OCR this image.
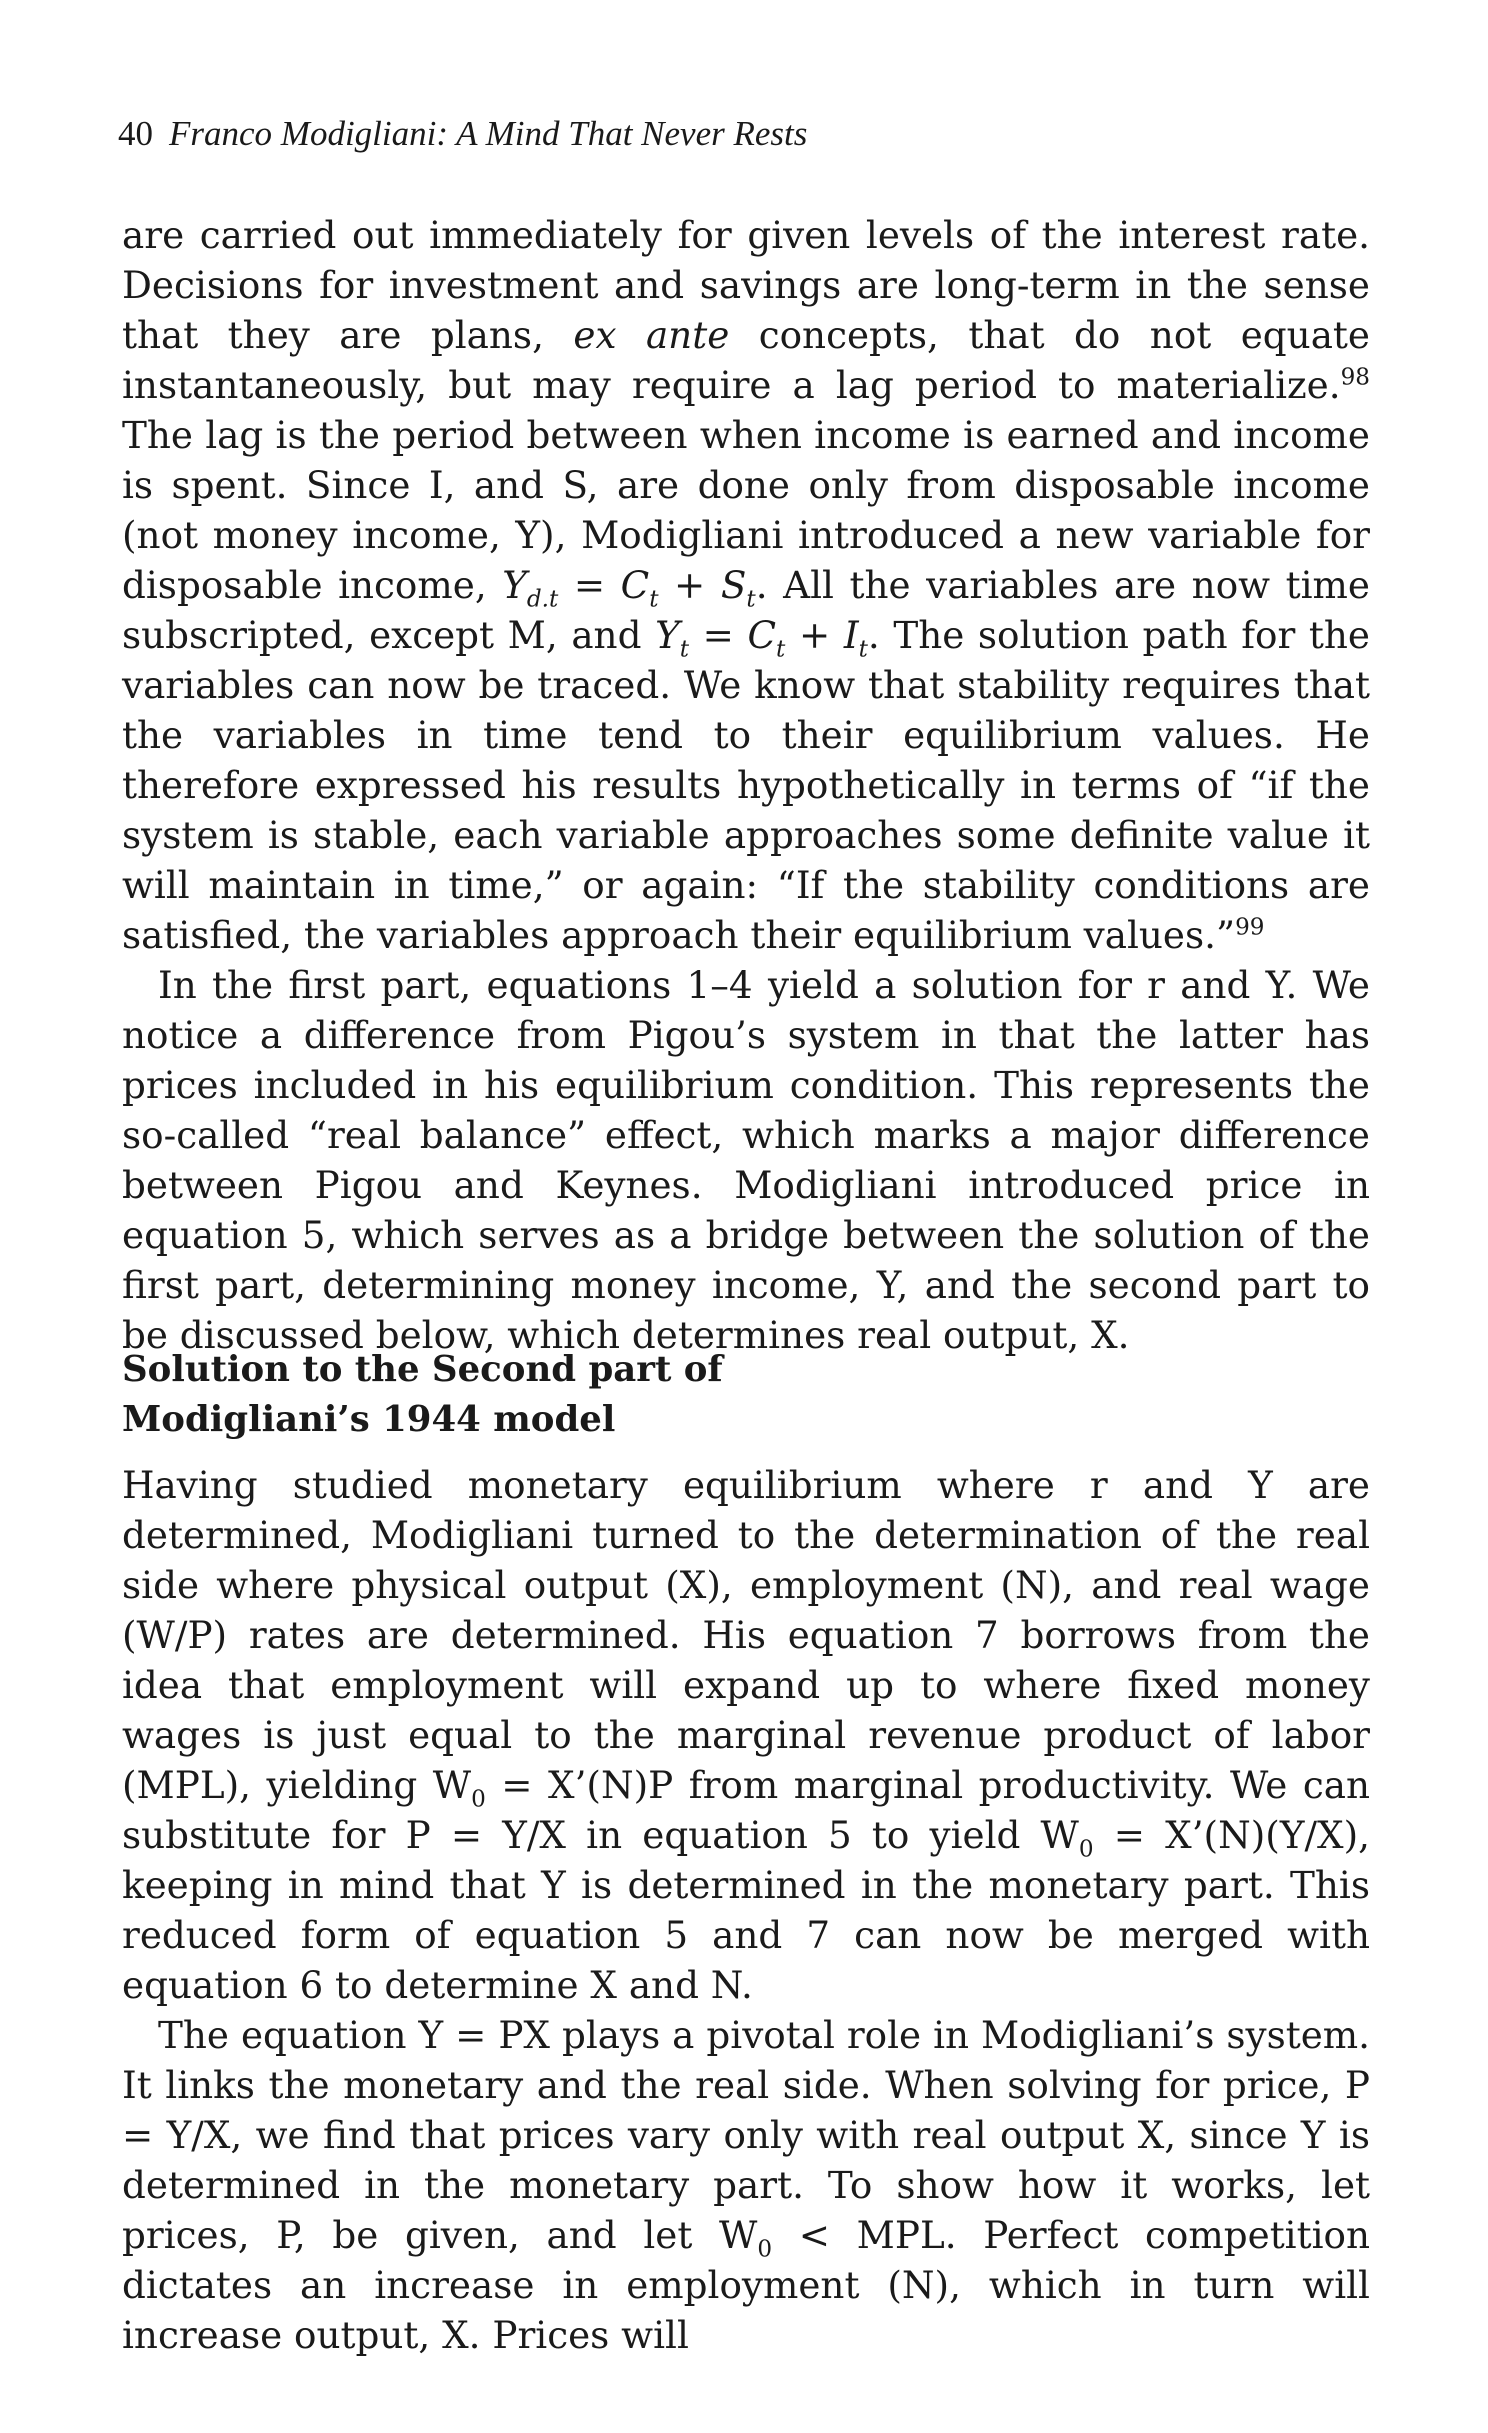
40 Franco Modigliani: A Mind That Never Rests

are carried out immediately for given levels of the interest rate. Decisions for investment and savings are long-term in the sense that they are plans, ex ante concepts, that do not equate instantaneously, but may require a lag period to materialize.$^{98}$ The lag is the period between when income is earned and income is spent. Since I, and S, are done only from disposable income (not money income, Y), Modigliani introduced a new variable for disposable income, $Y_{d.t} = C_t + S_t$. All the variables are now time subscripted, except M, and $Y_t = C_t + I_t$. The solution path for the variables can now be traced. We know that stability requires that the variables in time tend to their equilibrium values. He therefore expressed his results hypothetically in terms of “if the system is stable, each variable approaches some definite value it will maintain in time,” or again: “If the stability conditions are satisfied, the variables approach their equilibrium values.”$^{99}$

In the first part, equations 1–4 yield a solution for r and Y. We notice a difference from Pigou’s system in that the latter has prices included in his equilibrium condition. This represents the so-called “real balance” effect, which marks a major difference between Pigou and Keynes. Modigliani introduced price in equation 5, which serves as a bridge between the solution of the first part, determining money income, Y, and the second part to be discussed below, which determines real output, X.

Solution to the Second part of
Modigliani’s 1944 model

Having studied monetary equilibrium where r and Y are determined, Modigliani turned to the determination of the real side where physical output (X), employment (N), and real wage (W/P) rates are determined. His equation 7 borrows from the idea that employment will expand up to where fixed money wages is just equal to the marginal revenue product of labor (MPL), yielding $W_0$ = X’(N)P from marginal productivity. We can substitute for P = Y/X in equation 5 to yield $W_0$ = X’(N)(Y/X), keeping in mind that Y is determined in the monetary part. This reduced form of equation 5 and 7 can now be merged with equation 6 to determine X and N.

The equation Y = PX plays a pivotal role in Modigliani’s system. It links the monetary and the real side. When solving for price, P = Y/X, we find that prices vary only with real output X, since Y is determined in the monetary part. To show how it works, let prices, P, be given, and let $W_0$ < MPL. Perfect competition dictates an increase in employment (N), which in turn will increase output, X. Prices will
